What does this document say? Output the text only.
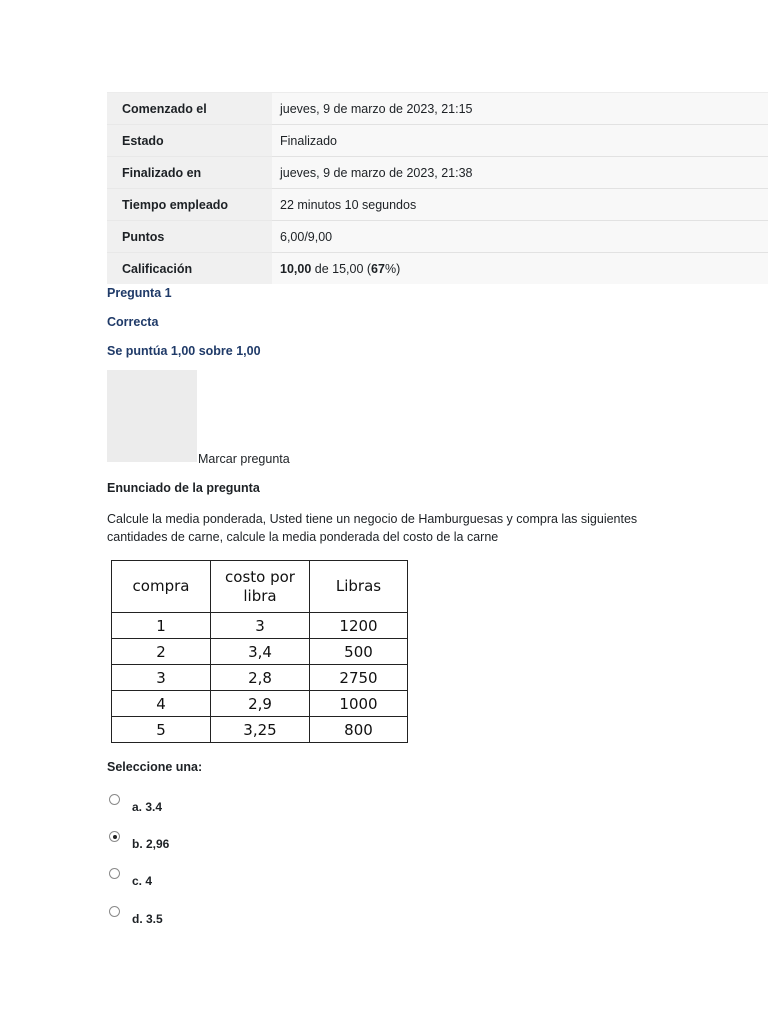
Comenzado el	jueves, 9 de marzo de 2023, 21:15
Estado	Finalizado
Finalizado en	jueves, 9 de marzo de 2023, 21:38
Tiempo empleado	22 minutos 10 segundos
Puntos	6,00/9,00
Calificación	10,00 de 15,00 (67%)
Pregunta 1
Correcta
Se puntúa 1,00 sobre 1,00
Marcar pregunta
Enunciado de la pregunta
Calcule la media ponderada, Usted tiene un negocio de Hamburguesas y compra las siguientes cantidades de carne, calcule la media ponderada del costo de la carne
compra	costo por libra	Libras
1	3	1200
2	3,4	500
3	2,8	2750
4	2,9	1000
5	3,25	800
Seleccione una:
a. 3.4
b. 2,96
c. 4
d. 3.5
